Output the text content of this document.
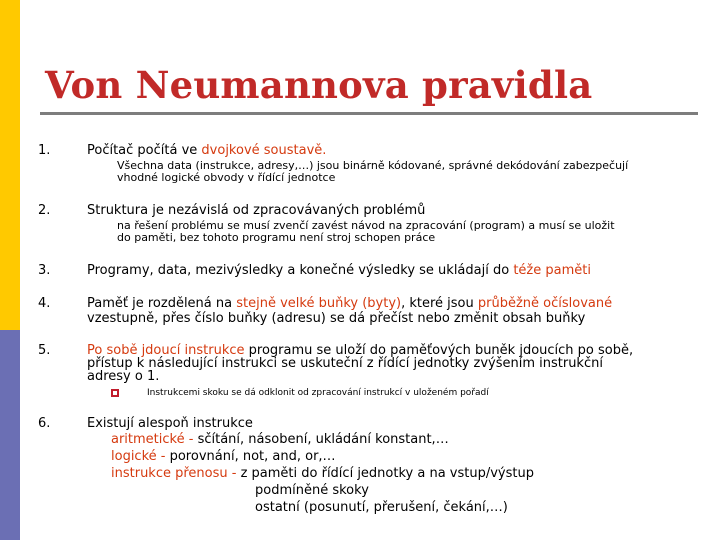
Von Neumannova pravidla
1.	Počítač počítá ve dvojkové soustavě.
Všechna data (instrukce, adresy,…) jsou binárně kódované, správné dekódování zabezpečují
vhodné logické obvody v řídící jednotce
2.	Struktura je nezávislá od zpracovávaných problémů
na řešení problému se musí zvenčí zavést návod na zpracování (program) a musí se uložit
do paměti, bez tohoto programu není stroj schopen práce
3.	Programy, data, mezivýsledky a konečné výsledky se ukládají do téže paměti
4.	Paměť je rozdělená na stejně velké buňky (byty), které jsou průběžně očíslované
vzestupně, přes číslo buňky (adresu) se dá přečíst nebo změnit obsah buňky
5.	Po sobě jdoucí instrukce programu se uloží do paměťových buněk jdoucích po sobě,
přístup k následující instrukci se uskuteční z řídící jednotky zvýšením instrukční
adresy o 1.
Instrukcemi skoku se dá odklonit od zpracování instrukcí v uloženém pořadí
6.	Existují alespoň instrukce
aritmetické - sčítání, násobení, ukládání konstant,…
logické - porovnání, not, and, or,…
instrukce přenosu - z paměti do řídící jednotky a na vstup/výstup
podmíněné skoky
ostatní (posunutí, přerušení, čekání,…)
